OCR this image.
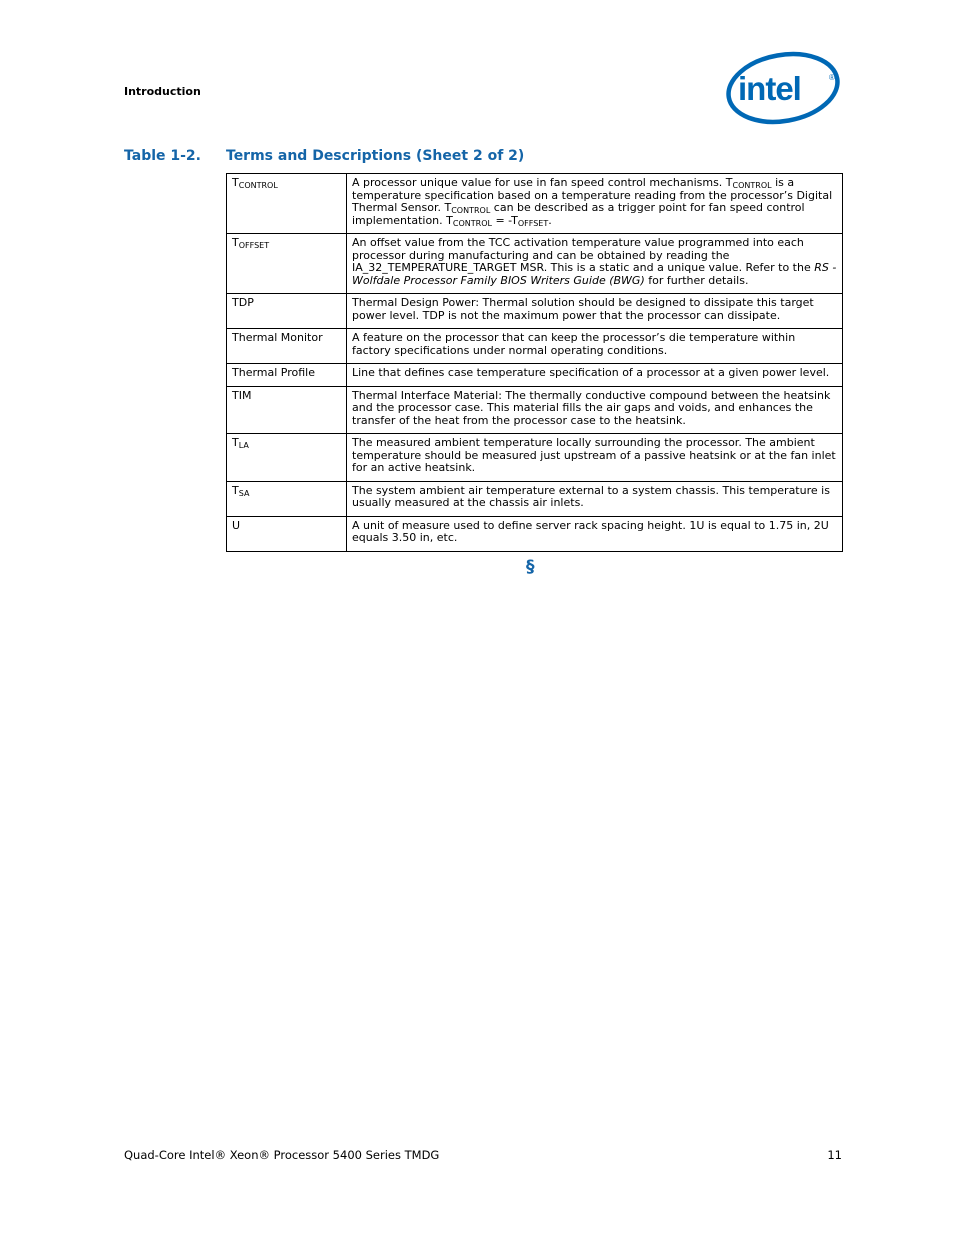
Introduction	intel	®
Table 1-2. Terms and Descriptions (Sheet 2 of 2)
$T_{CONTROL}$	A processor unique value for use in fan speed control mechanisms. $T_{CONTROL}$ is a temperature specification based on a temperature reading from the processor’s Digital Thermal Sensor. $T_{CONTROL}$ can be described as a trigger point for fan speed control implementation. $T_{CONTROL} = -T_{OFFSET}$.
$T_{OFFSET}$	An offset value from the TCC activation temperature value programmed into each processor during manufacturing and can be obtained by reading the IA_32_TEMPERATURE_TARGET MSR. This is a static and a unique value. Refer to the RS - Wolfdale Processor Family BIOS Writers Guide (BWG) for further details.
TDP	Thermal Design Power: Thermal solution should be designed to dissipate this target power level. TDP is not the maximum power that the processor can dissipate.
Thermal Monitor	A feature on the processor that can keep the processor’s die temperature within factory specifications under normal operating conditions.
Thermal Profile	Line that defines case temperature specification of a processor at a given power level.
TIM	Thermal Interface Material: The thermally conductive compound between the heatsink and the processor case. This material fills the air gaps and voids, and enhances the transfer of the heat from the processor case to the heatsink.
$T_{LA}$	The measured ambient temperature locally surrounding the processor. The ambient temperature should be measured just upstream of a passive heatsink or at the fan inlet for an active heatsink.
$T_{SA}$	The system ambient air temperature external to a system chassis. This temperature is usually measured at the chassis air inlets.
U	A unit of measure used to define server rack spacing height. 1U is equal to 1.75 in, 2U equals 3.50 in, etc.
§
Quad-Core Intel® Xeon® Processor 5400 Series TMDG	11
